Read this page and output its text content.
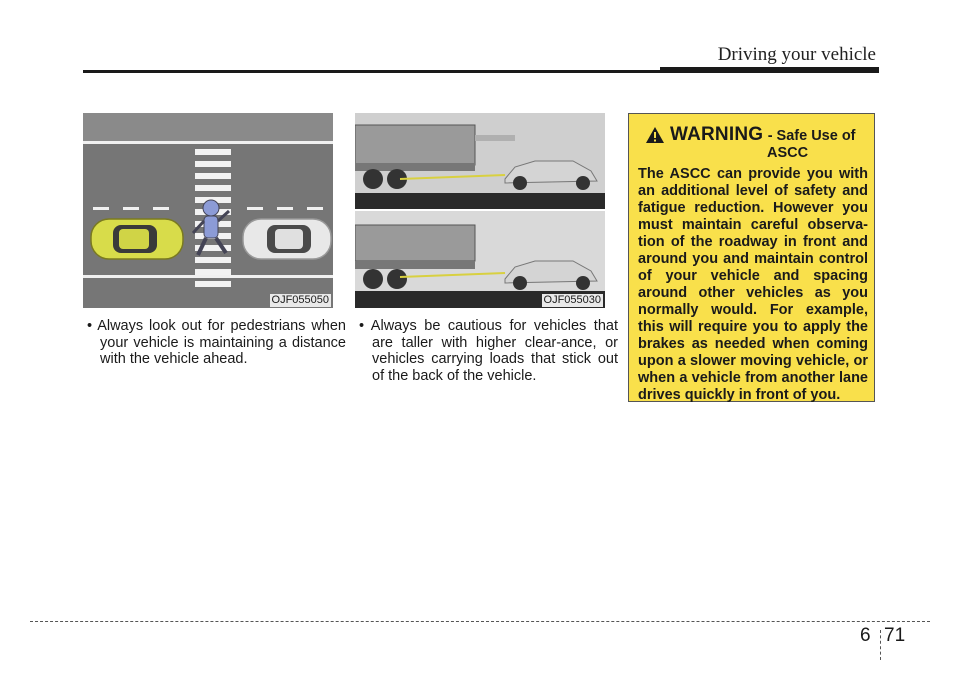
Driving your vehicle
OJF055050	OJF055030
• Always look out for pedestrians when your vehicle is maintaining a distance with the vehicle ahead.
• Always be cautious for vehicles that are taller with higher clear-ance, or vehicles carrying loads that stick out of the back of the vehicle.
WARNING - Safe Use of
ASCC
The ASCC can provide you with an additional level of safety and fatigue reduction. However you must maintain careful observa-tion of the roadway in front and around you and maintain control of your vehicle and spacing around other vehicles as you normally would. For example, this will require you to apply the brakes as needed when coming upon a slower moving vehicle, or when a vehicle from another lane drives quickly in front of you.
6 71
